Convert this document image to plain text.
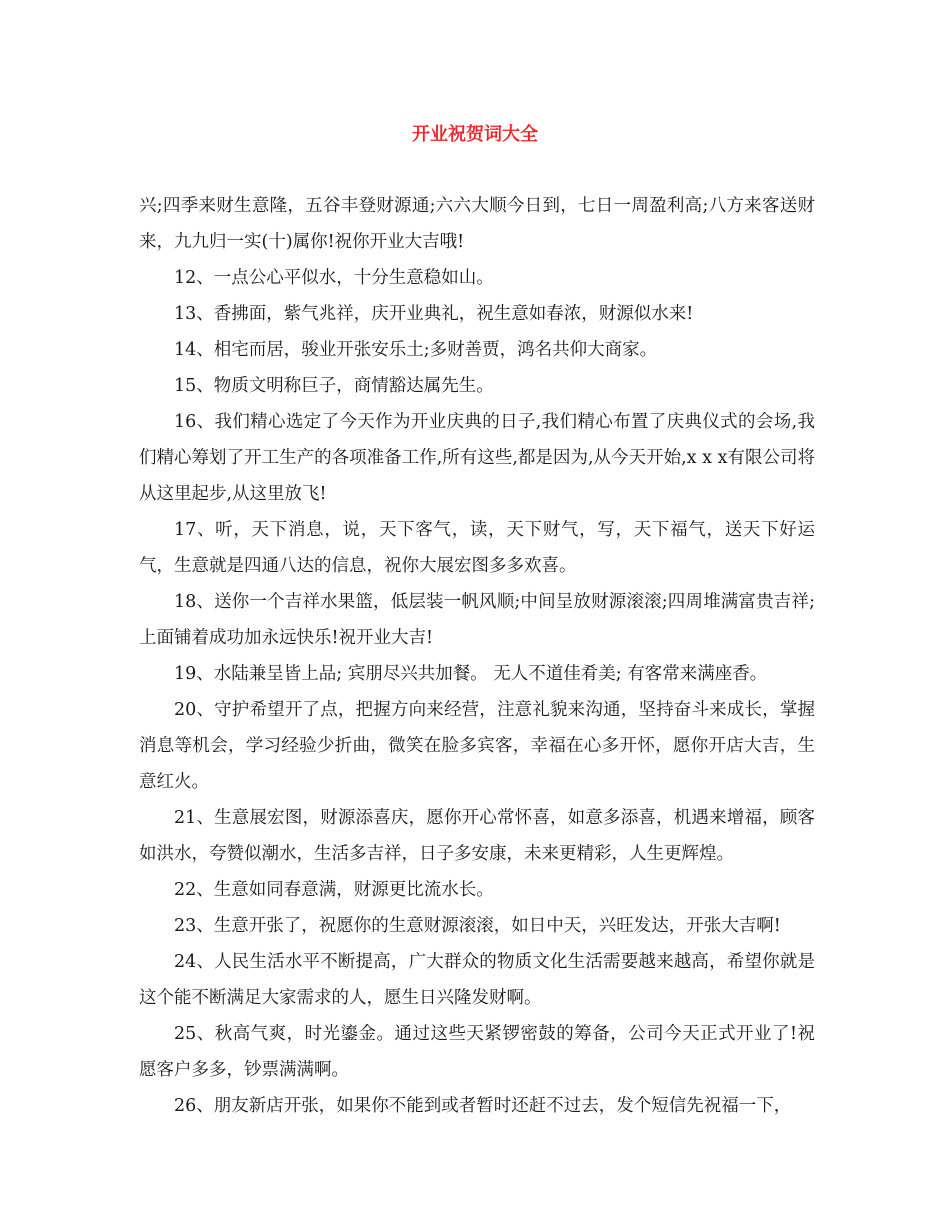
开业祝贺词大全

兴;四季来财生意隆，五谷丰登财源通;六六大顺今日到，七日一周盈利高;八方来客送财来，九九归一实(十)属你!祝你开业大吉哦!

12、一点公心平似水，十分生意稳如山。

13、香拂面，紫气兆祥，庆开业典礼，祝生意如春浓，财源似水来!

14、相宅而居，骏业开张安乐土;多财善贾，鸿名共仰大商家。

15、物质文明称巨子，商情豁达属先生。

16、我们精心选定了今天作为开业庆典的日子,我们精心布置了庆典仪式的会场,我们精心筹划了开工生产的各项准备工作,所有这些,都是因为,从今天开始,x x x有限公司将从这里起步,从这里放飞!

17、听，天下消息，说，天下客气，读，天下财气，写，天下福气，送天下好运气，生意就是四通八达的信息，祝你大展宏图多多欢喜。

18、送你一个吉祥水果篮，低层装一帆风顺;中间呈放财源滚滚;四周堆满富贵吉祥;上面铺着成功加永远快乐!祝开业大吉!

19、水陆兼呈皆上品; 宾朋尽兴共加餐。 无人不道佳肴美; 有客常来满座香。

20、守护希望开了点，把握方向来经营，注意礼貌来沟通，坚持奋斗来成长，掌握消息等机会，学习经验少折曲，微笑在脸多宾客，幸福在心多开怀，愿你开店大吉，生意红火。

21、生意展宏图，财源添喜庆，愿你开心常怀喜，如意多添喜，机遇来增福，顾客如洪水，夸赞似潮水，生活多吉祥，日子多安康，未来更精彩，人生更辉煌。

22、生意如同春意满，财源更比流水长。

23、生意开张了，祝愿你的生意财源滚滚，如日中天，兴旺发达，开张大吉啊!

24、人民生活水平不断提高，广大群众的物质文化生活需要越来越高，希望你就是这个能不断满足大家需求的人，愿生日兴隆发财啊。

25、秋高气爽，时光鎏金。通过这些天紧锣密鼓的筹备，公司今天正式开业了!祝愿客户多多，钞票满满啊。

26、朋友新店开张，如果你不能到或者暂时还赶不过去，发个短信先祝福一下，
